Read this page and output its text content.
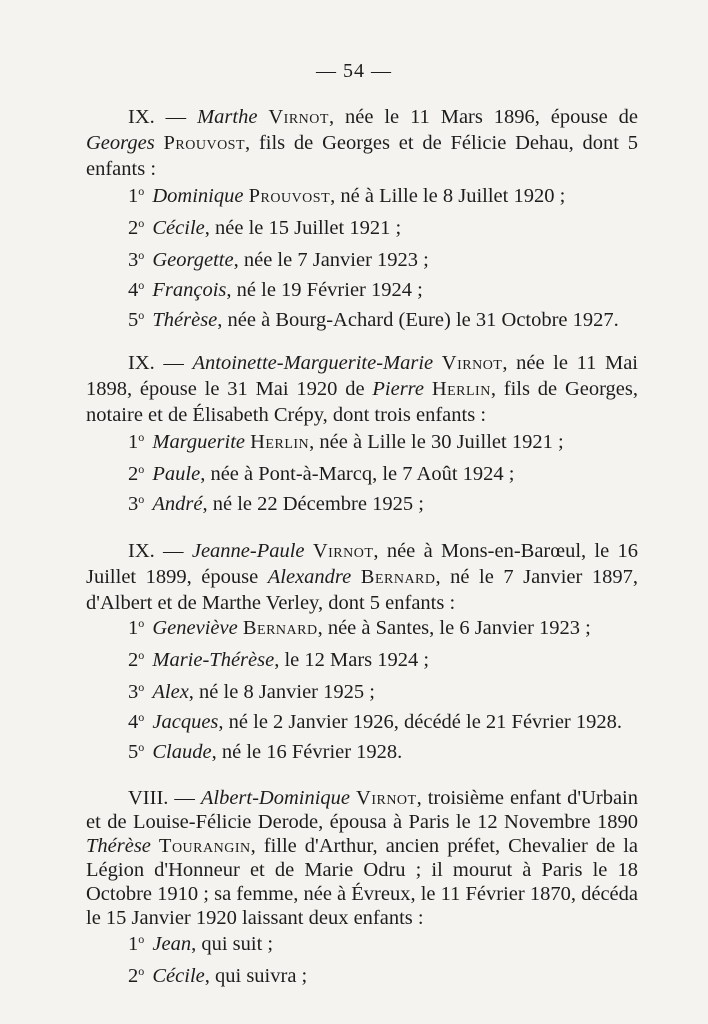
— 54 —
IX. — Marthe Virnot, née le 11 Mars 1896, épouse de Georges Prouvost, fils de Georges et de Félicie Dehau, dont 5 enfants :
1$^o$ Dominique Prouvost, né à Lille le 8 Juillet 1920 ;
2$^o$ Cécile, née le 15 Juillet 1921 ;
3$^o$ Georgette, née le 7 Janvier 1923 ;
4$^o$ François, né le 19 Février 1924 ;
5$^o$ Thérèse, née à Bourg-Achard (Eure) le 31 Octobre 1927.
IX. — Antoinette-Marguerite-Marie Virnot, née le 11 Mai 1898, épouse le 31 Mai 1920 de Pierre Herlin, fils de Georges, notaire et de Élisabeth Crépy, dont trois enfants :
1$^o$ Marguerite Herlin, née à Lille le 30 Juillet 1921 ;
2$^o$ Paule, née à Pont-à-Marcq, le 7 Août 1924 ;
3$^o$ André, né le 22 Décembre 1925 ;
IX. — Jeanne-Paule Virnot, née à Mons-en-Barœul, le 16 Juillet 1899, épouse Alexandre Bernard, né le 7 Janvier 1897, d'Albert et de Marthe Verley, dont 5 enfants :
1$^o$ Geneviève Bernard, née à Santes, le 6 Janvier 1923 ;
2$^o$ Marie-Thérèse, le 12 Mars 1924 ;
3$^o$ Alex, né le 8 Janvier 1925 ;
4$^o$ Jacques, né le 2 Janvier 1926, décédé le 21 Février 1928.
5$^o$ Claude, né le 16 Février 1928.
VIII. — Albert-Dominique Virnot, troisième enfant d'Urbain et de Louise-Félicie Derode, épousa à Paris le 12 Novembre 1890 Thérèse Tourangin, fille d'Arthur, ancien préfet, Chevalier de la Légion d'Honneur et de Marie Odru ; il mourut à Paris le 18 Octobre 1910 ; sa femme, née à Évreux, le 11 Février 1870, décéda le 15 Janvier 1920 laissant deux enfants :
1$^o$ Jean, qui suit ;
2$^o$ Cécile, qui suivra ;
